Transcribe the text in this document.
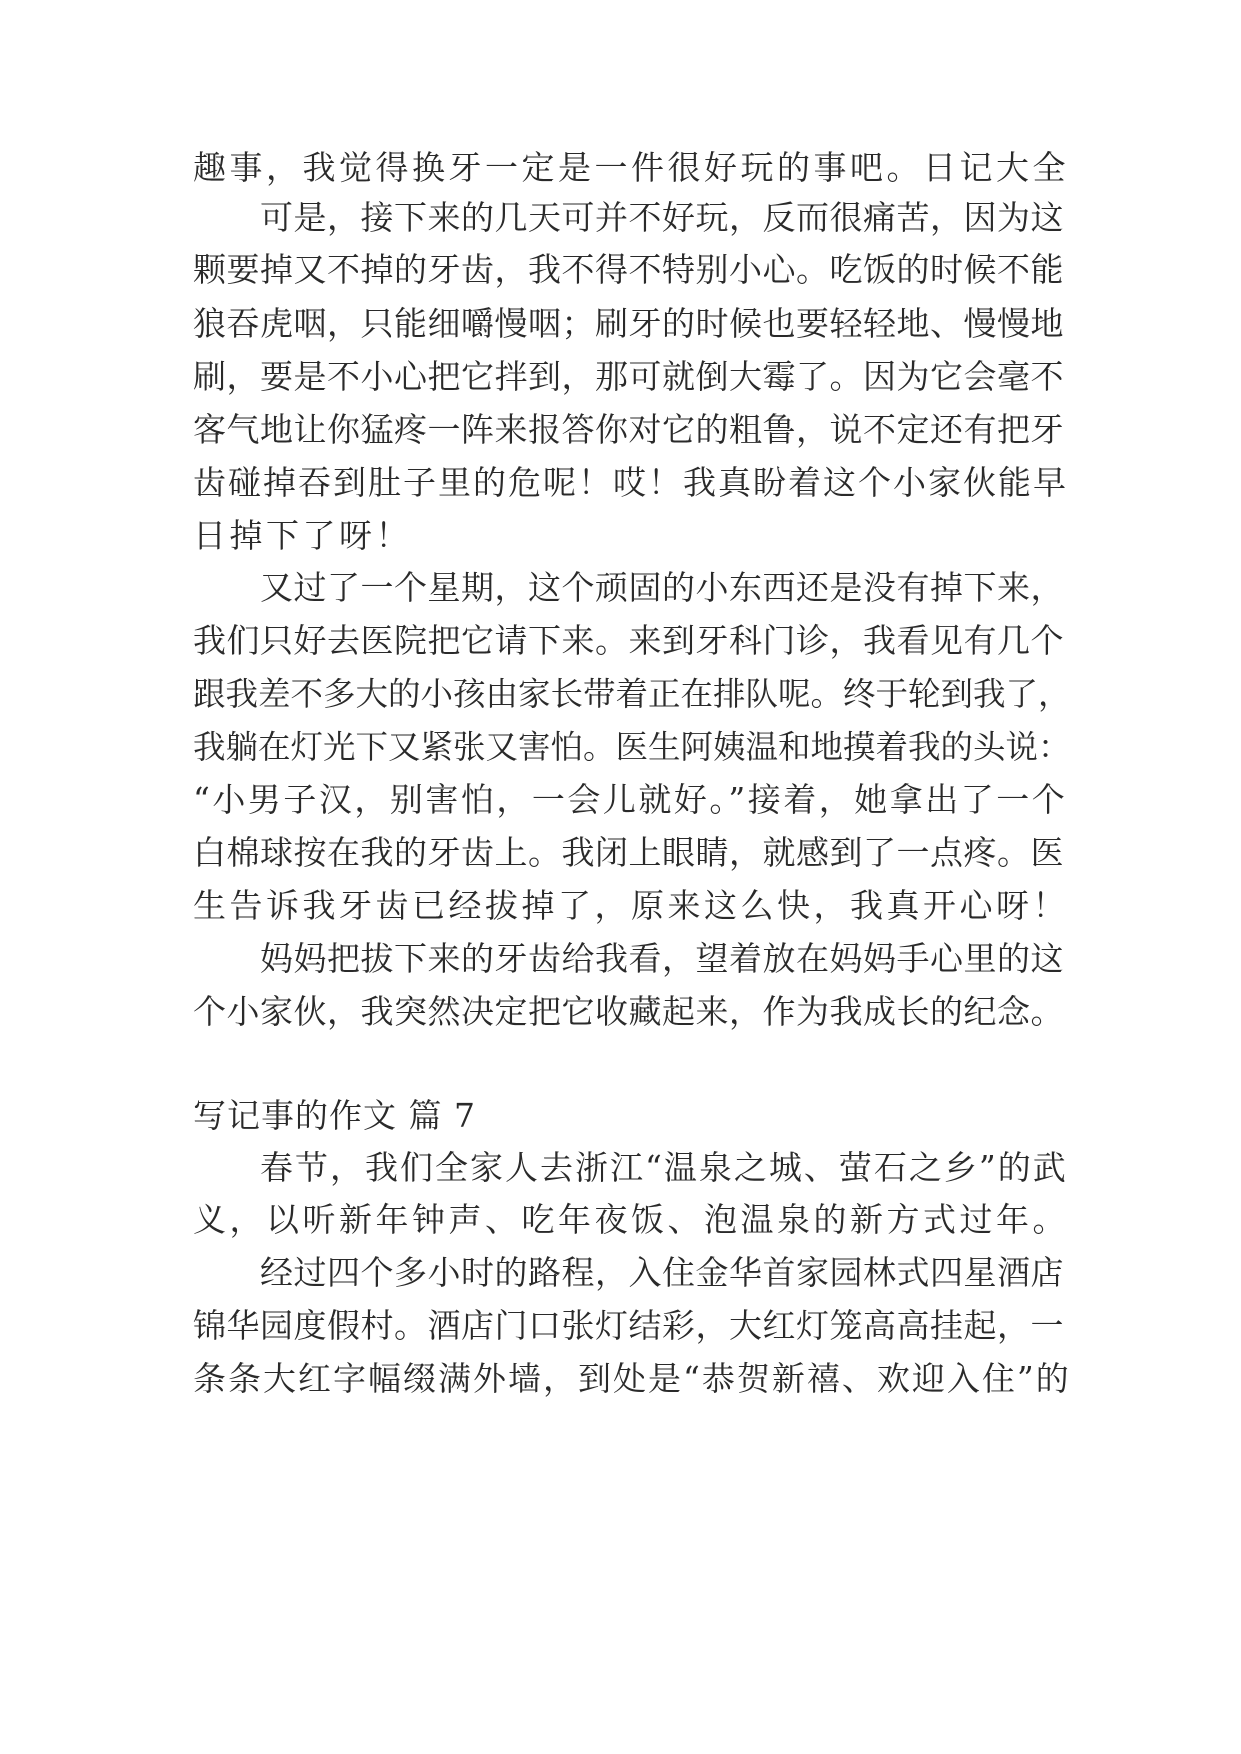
趣事，我觉得换牙一定是一件很好玩的事吧。日记大全
可是，接下来的几天可并不好玩，反而很痛苦，因为这
颗要掉又不掉的牙齿，我不得不特别小心。吃饭的时候不能
狼吞虎咽，只能细嚼慢咽；刷牙的时候也要轻轻地、慢慢地
刷，要是不小心把它拌到，那可就倒大霉了。因为它会毫不
客气地让你猛疼一阵来报答你对它的粗鲁，说不定还有把牙
齿碰掉吞到肚子里的危呢！哎！我真盼着这个小家伙能早
日掉下了呀！
又过了一个星期，这个顽固的小东西还是没有掉下来，
我们只好去医院把它请下来。来到牙科门诊，我看见有几个
跟我差不多大的小孩由家长带着正在排队呢。终于轮到我了，
我躺在灯光下又紧张又害怕。医生阿姨温和地摸着我的头说：
“小男子汉，别害怕，一会儿就好。”接着，她拿出了一个
白棉球按在我的牙齿上。我闭上眼睛，就感到了一点疼。医
生告诉我牙齿已经拔掉了，原来这么快，我真开心呀！
妈妈把拔下来的牙齿给我看，望着放在妈妈手心里的这
个小家伙，我突然决定把它收藏起来，作为我成长的纪念。
写记事的作文 篇 7
春节，我们全家人去浙江“温泉之城、萤石之乡”的武
义，以听新年钟声、吃年夜饭、泡温泉的新方式过年。
经过四个多小时的路程，入住金华首家园林式四星酒店
锦华园度假村。酒店门口张灯结彩，大红灯笼高高挂起，一
条条大红字幅缀满外墙，到处是“恭贺新禧、欢迎入住”的
